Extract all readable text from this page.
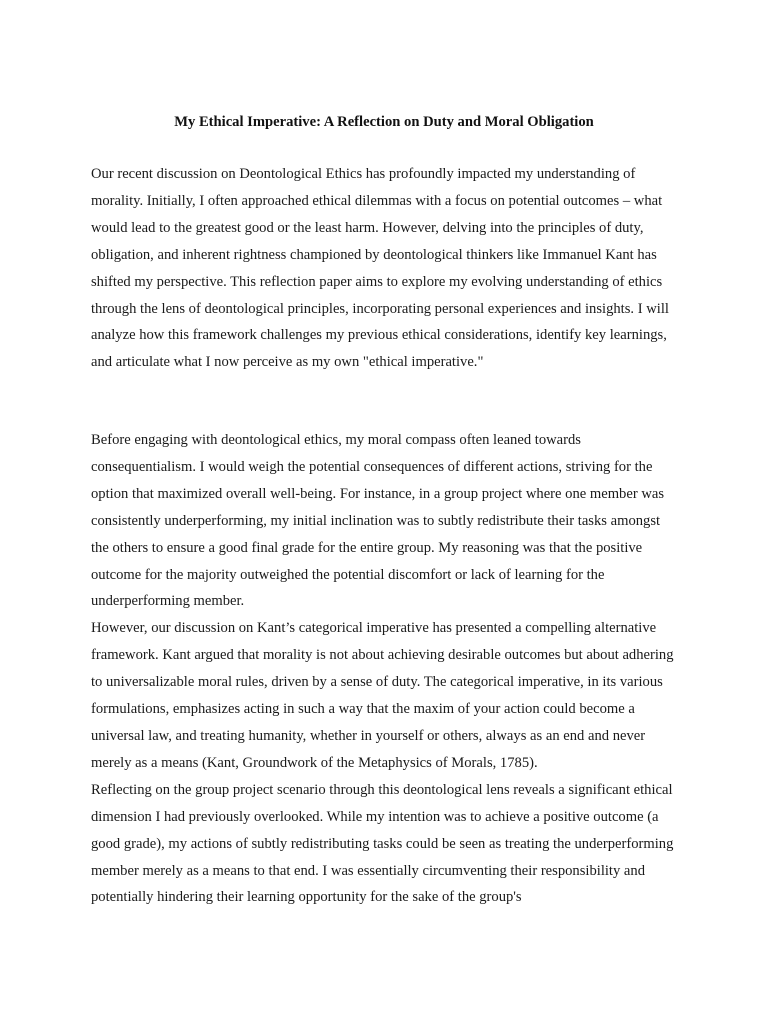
My Ethical Imperative: A Reflection on Duty and Moral Obligation

Our recent discussion on Deontological Ethics has profoundly impacted my understanding of morality. Initially, I often approached ethical dilemmas with a focus on potential outcomes – what would lead to the greatest good or the least harm. However, delving into the principles of duty, obligation, and inherent rightness championed by deontological thinkers like Immanuel Kant has shifted my perspective. This reflection paper aims to explore my evolving understanding of ethics through the lens of deontological principles, incorporating personal experiences and insights. I will analyze how this framework challenges my previous ethical considerations, identify key learnings, and articulate what I now perceive as my own "ethical imperative."

Before engaging with deontological ethics, my moral compass often leaned towards consequentialism. I would weigh the potential consequences of different actions, striving for the option that maximized overall well-being. For instance, in a group project where one member was consistently underperforming, my initial inclination was to subtly redistribute their tasks amongst the others to ensure a good final grade for the entire group. My reasoning was that the positive outcome for the majority outweighed the potential discomfort or lack of learning for the underperforming member.
However, our discussion on Kant’s categorical imperative has presented a compelling alternative framework. Kant argued that morality is not about achieving desirable outcomes but about adhering to universalizable moral rules, driven by a sense of duty. The categorical imperative, in its various formulations, emphasizes acting in such a way that the maxim of your action could become a universal law, and treating humanity, whether in yourself or others, always as an end and never merely as a means (Kant, Groundwork of the Metaphysics of Morals, 1785).
Reflecting on the group project scenario through this deontological lens reveals a significant ethical dimension I had previously overlooked. While my intention was to achieve a positive outcome (a good grade), my actions of subtly redistributing tasks could be seen as treating the underperforming member merely as a means to that end. I was essentially circumventing their responsibility and potentially hindering their learning opportunity for the sake of the group's
